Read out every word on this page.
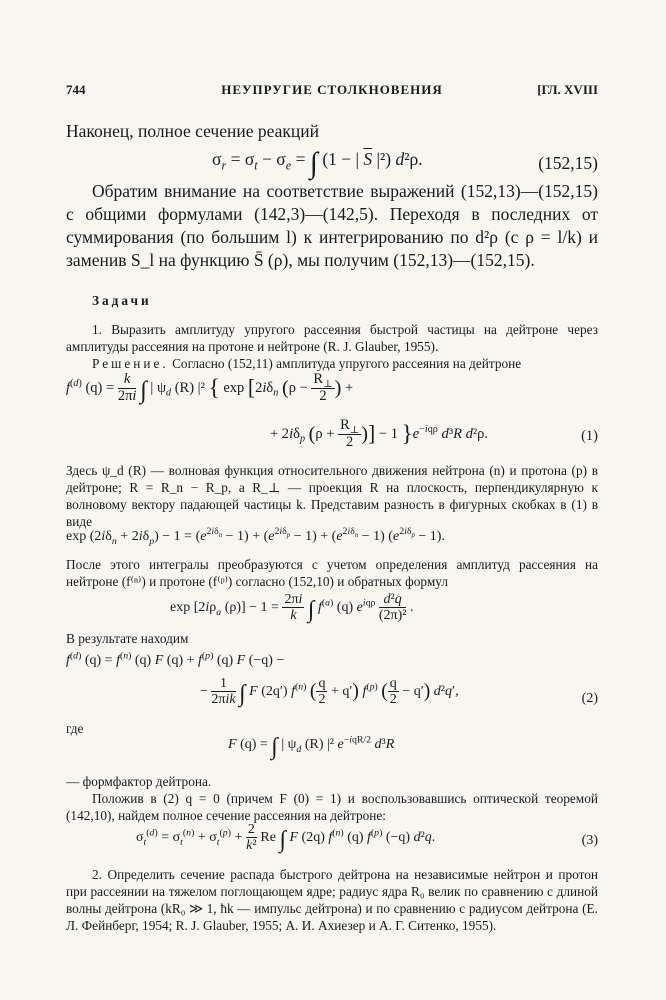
744	НЕУПРУГИЕ СТОЛКНОВЕНИЯ	[ГЛ. XVIII
Наконец, полное сечение реакций
$\sigma_r = \sigma_t - \sigma_e$ = ∫ (1 − | $\overline{S}$ |²) d²ρ.	(152,15)
Обратим внимание на соответствие выражений (152,13)—(152,15) с общими формулами (142,3)—(142,5). Переходя в последних от суммирования (по большим l) к интегрированию по d²ρ (с ρ = l/k) и заменив S_l на функцию S̄ (ρ), мы получим (152,13)—(152,15).
Задачи
1. Выразить амплитуду упругого рассеяния быстрой частицы на дейтроне через амплитуды рассеяния на протоне и нейтроне (R. J. Glauber, 1955).
Решение. Согласно (152,11) амплитуда упругого рассеяния на дейтроне
$f^{(d)}$ $(q) = \frac{k}{2\pi i}$ ∫ | $\psi_d$ (R) |² { $\exp [2i\delta_n$ ($\rho - \frac{R_\perp}{2}$ ) +
+ $2i\delta_p$ ($\rho + \frac{R_\perp}{2}$ )] − 1 }$e^{-iq\rho}$ d³R d²ρ.	(1)
Здесь ψ_d (R) — волновая функция относительного движения нейтрона (n) и протона (p) в дейтроне; R = R_n − R_p, а R_⊥ — проекция R на плоскость, перпендикулярную к волновому вектору падающей частицы k. Представим разность в фигурных скобках в (1) в виде
$\exp (2i\delta_n + 2i\delta_p) - 1 = (e^{2i\delta_n} - 1) + (e^{2i\delta_p} - 1) + (e^{2i\delta_n} - 1) (e^{2i\delta_p} - 1)$.
После этого интегралы преобразуются с учетом определения амплитуд рассеяния на нейтроне (f⁽ⁿ⁾) и протоне (f⁽ᵖ⁾) согласно (152,10) и обратных формул
$\exp [2i\rho_a$ $(\rho)] - 1 = \frac{2\pi i}{k}$ ∫ $f^{(a)}$ (q) $e^{iq\rho} \frac{\text{d²q}}{\text{(2π)²}}$ .
В результате находим
$f^{(d)}$ $(q) = f^{(n)}$ (q) F $(q) + f^{(p)}$ (q) F (−q) −
− $\frac{1}{\text{2πik}}$ ∫ F (2q′) $f^{(n)}$ ( $\frac{q}{2} + q'$) $f^{(p)}$ ( $\frac{q}{2} - q'$) d²q′,	(2)
где
F (q) = ∫ | $\psi_d$ (R) |² $e^{-iqR/2}$ d³R
— формфактор дейтрона.
Положив в (2) q = 0 (причем F (0) = 1) и воспользовавшись оптической теоремой (142,10), найдем полное сечение рассеяния на дейтроне:
$\sigma_t^{(d)} = \sigma_t^{(n)} + \sigma_t^{(p)} + \frac{2}{\text{k²}}$ Re ∫ F (2q) $f^{(n)}$ (q) $f^{(p)}$ (−q) d²q.	(3)
2. Определить сечение распада быстрого дейтрона на независимые нейтрон и протон при рассеянии на тяжелом поглощающем ядре; радиус ядра R₀ велик по сравнению с длиной волны дейтрона (kR₀ ≫ 1, ħk — импульс дейтрона) и по сравнению с радиусом дейтрона (Е. Л. Фейнберг, 1954; R. J. Glauber, 1955; А. И. Ахиезер и А. Г. Ситенко, 1955).
